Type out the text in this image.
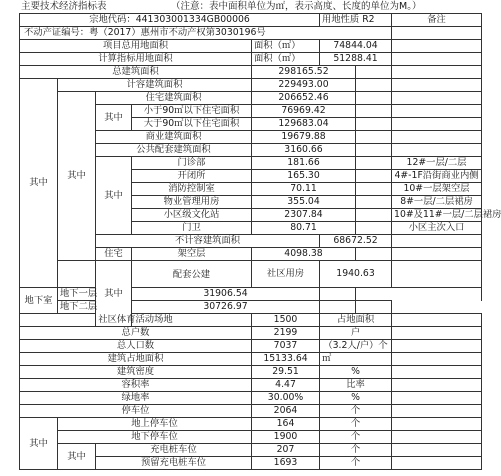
主要技术经济指标表	（注意：表中面积单位为㎡，表示高度、长度的单位为M。）
宗地代码：441303001334GB00006					用地性质 R2		备注	
不动产证编号：粤（2017）惠州市不动产权第3030196号								
项目总用地面积				面积（㎡）	74844.04			
计算指标用地面积				面积（㎡）	51288.41			
总建筑面积				298165.52				
其中	计容建筑面积			229493.00				
	其中	住宅建筑面积		206652.46				
		其中	小于90㎡以下住宅面积	76969.42				
			大于90㎡以下住宅面积	129683.04				
		商业建筑面积		19679.88				
		公共配套建筑面积		3160.66				
		其中	门诊部	181.66			12#一层/二层	
			开闭所	165.30			4#-1F沿街商业内侧	
			消防控制室	70.11			10#一层架空层	
			物业管理用房	355.04			8#一层/二层裙房	
			小区级文化站	2307.84			10#及11#一层/二层裙房	
			门卫	80.71			小区主次入口	
		不计容建筑面积			68672.52			
		住宅	架空层	4098.38				
		其中	配套公建	社区用房	1940.63		

地下室	地下一层		31906.54					
	地下二层		30726.97					
社区体育活动场地				1500	占地面积			
总户数				2199	户			
总人口数				7037	（3.2人/户）个			
建筑占地面积				15133.64	㎡			
建筑密度				29.51	%			
容积率				4.47	比率			
绿地率				30.00%	%			
停车位				2064	个			
其中	地上停车位			164	个			
	地下停车位			1900	个			
	其中	充电桩车位		207	个			
		预留充电桩车位		1693	个			
